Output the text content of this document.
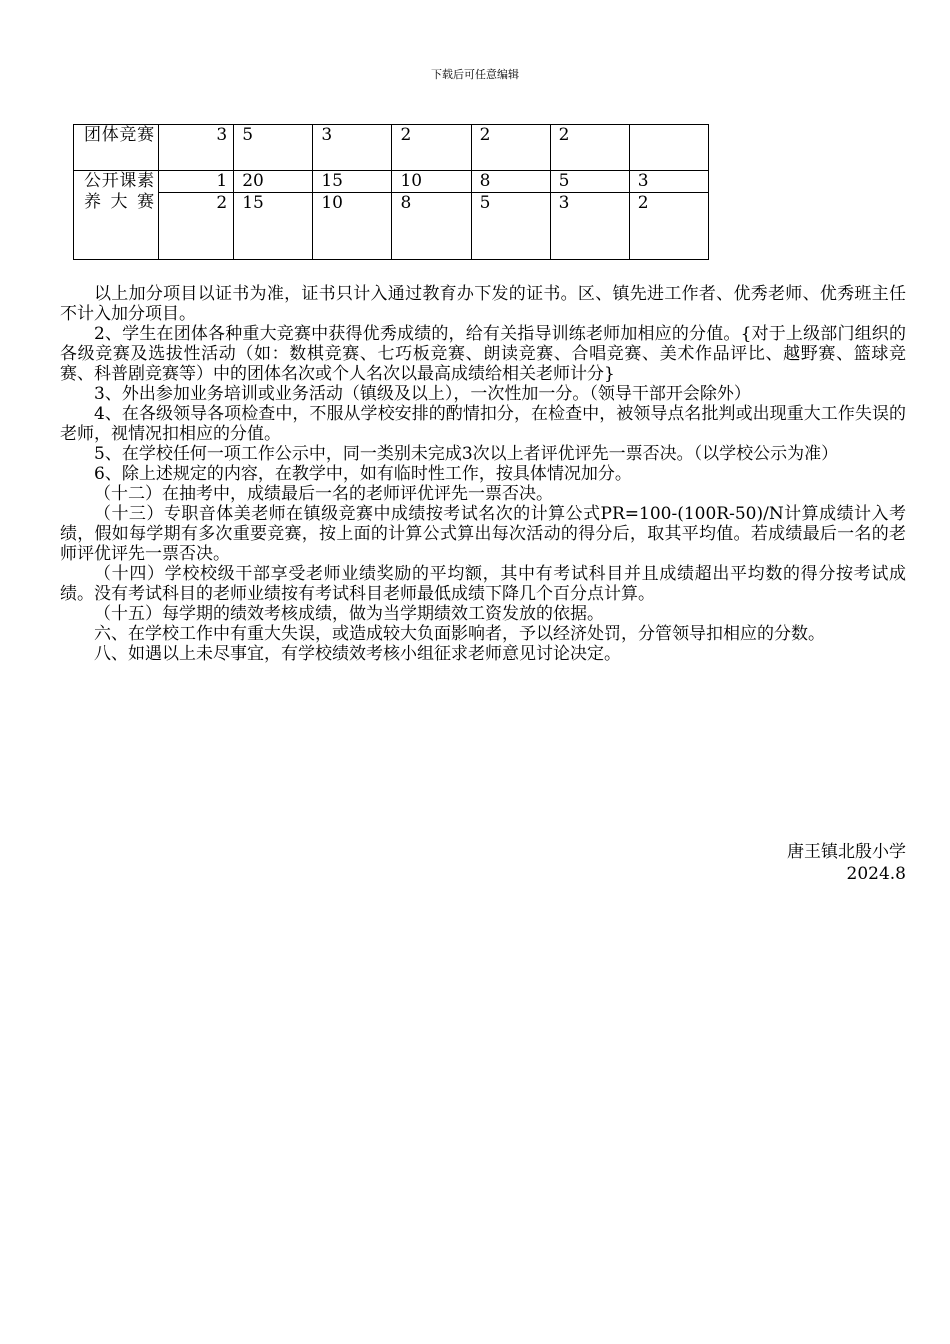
下载后可任意编辑
团体竞赛	3	5	3	2	2	2	
公开课素养大赛	1	20	15	10	8	5	3
	2	15	10	8	5	3	2

以上加分项目以证书为准，证书只计入通过教育办下发的证书。区、镇先进工作者、优秀老师、优秀班主任不计入加分项目。

2、学生在团体各种重大竞赛中获得优秀成绩的，给有关指导训练老师加相应的分值。{对于上级部门组织的各级竞赛及选拔性活动（如：数棋竞赛、七巧板竞赛、朗读竞赛、合唱竞赛、美术作品评比、越野赛、篮球竞赛、科普剧竞赛等）中的团体名次或个人名次以最高成绩给相关老师计分}

3、外出参加业务培训或业务活动（镇级及以上），一次性加一分。（领导干部开会除外）

4、在各级领导各项检查中，不服从学校安排的酌情扣分，在检查中，被领导点名批判或出现重大工作失误的老师，视情况扣相应的分值。

5、在学校任何一项工作公示中，同一类别未完成3次以上者评优评先一票否决。（以学校公示为准）

6、除上述规定的内容，在教学中，如有临时性工作，按具体情况加分。

（十二）在抽考中，成绩最后一名的老师评优评先一票否决。

（十三）专职音体美老师在镇级竞赛中成绩按考试名次的计算公式PR=100-(100R-50)/N计算成绩计入考绩，假如每学期有多次重要竞赛，按上面的计算公式算出每次活动的得分后，取其平均值。若成绩最后一名的老师评优评先一票否决。

（十四）学校校级干部享受老师业绩奖励的平均额，其中有考试科目并且成绩超出平均数的得分按考试成绩。没有考试科目的老师业绩按有考试科目老师最低成绩下降几个百分点计算。

（十五）每学期的绩效考核成绩，做为当学期绩效工资发放的依据。

六、在学校工作中有重大失误，或造成较大负面影响者，予以经济处罚，分管领导扣相应的分数。

八、如遇以上未尽事宜，有学校绩效考核小组征求老师意见讨论决定。

唐王镇北殷小学
2024.8
